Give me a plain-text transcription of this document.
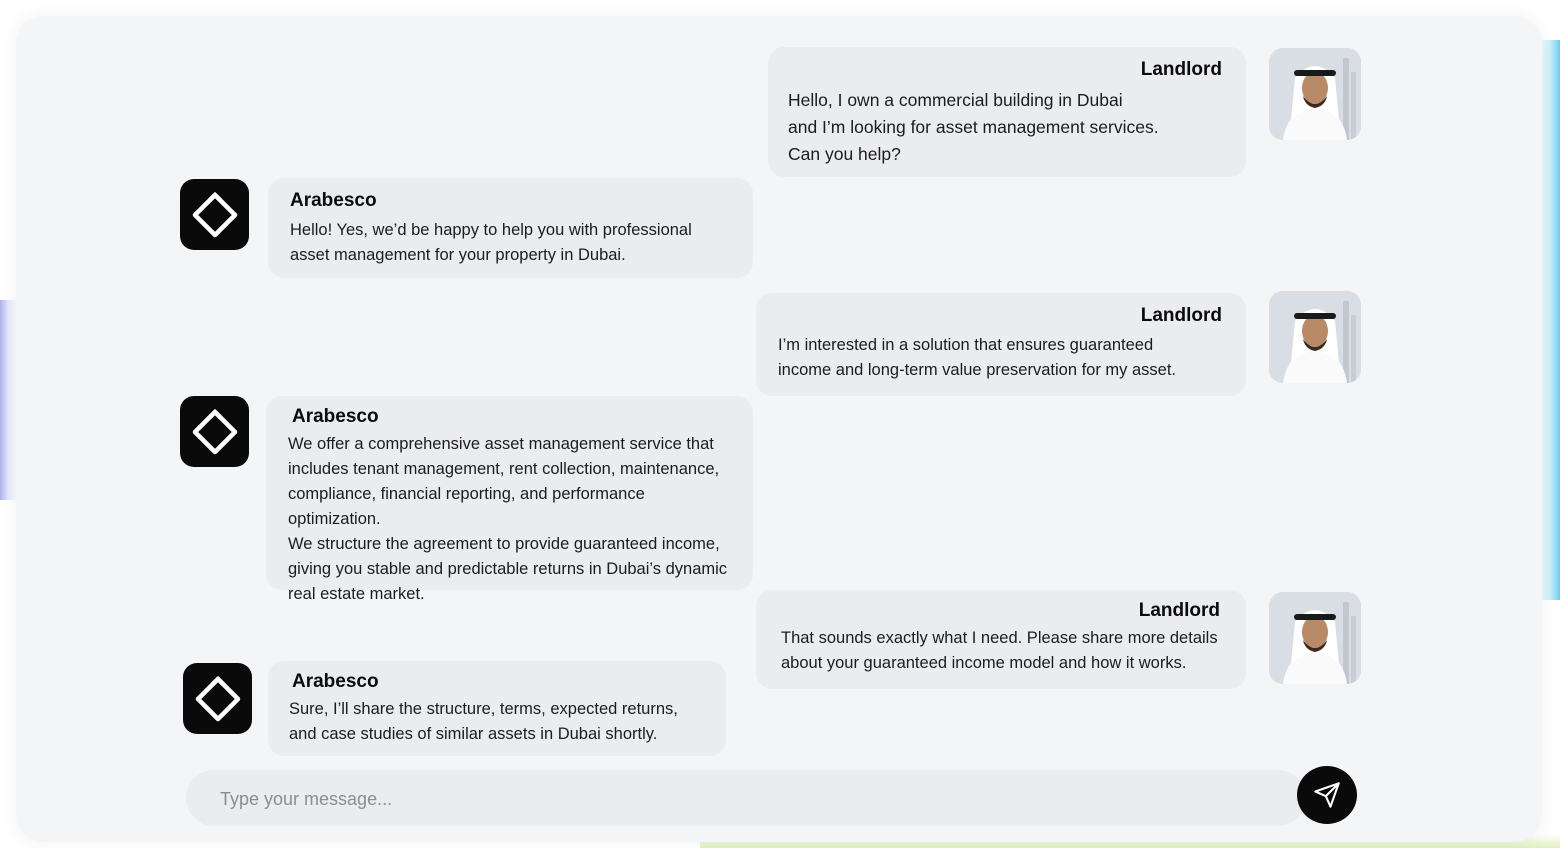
Landlord
Hello, I own a commercial building in Dubai
and I’m looking for asset management services.
Can you help?
Arabesco
Hello! Yes, we’d be happy to help you with professional
asset management for your property in Dubai.
Landlord
I’m interested in a solution that ensures guaranteed
income and long-term value preservation for my asset.
Arabesco
We offer a comprehensive asset management service that
includes tenant management, rent collection, maintenance,
compliance, financial reporting, and performance optimization.
We structure the agreement to provide guaranteed income,
giving you stable and predictable returns in Dubai’s dynamic
real estate market.
Landlord
That sounds exactly what I need. Please share more details
about your guaranteed income model and how it works.
Arabesco
Sure, I’ll share the structure, terms, expected returns,
and case studies of similar assets in Dubai shortly.
Type your message...
